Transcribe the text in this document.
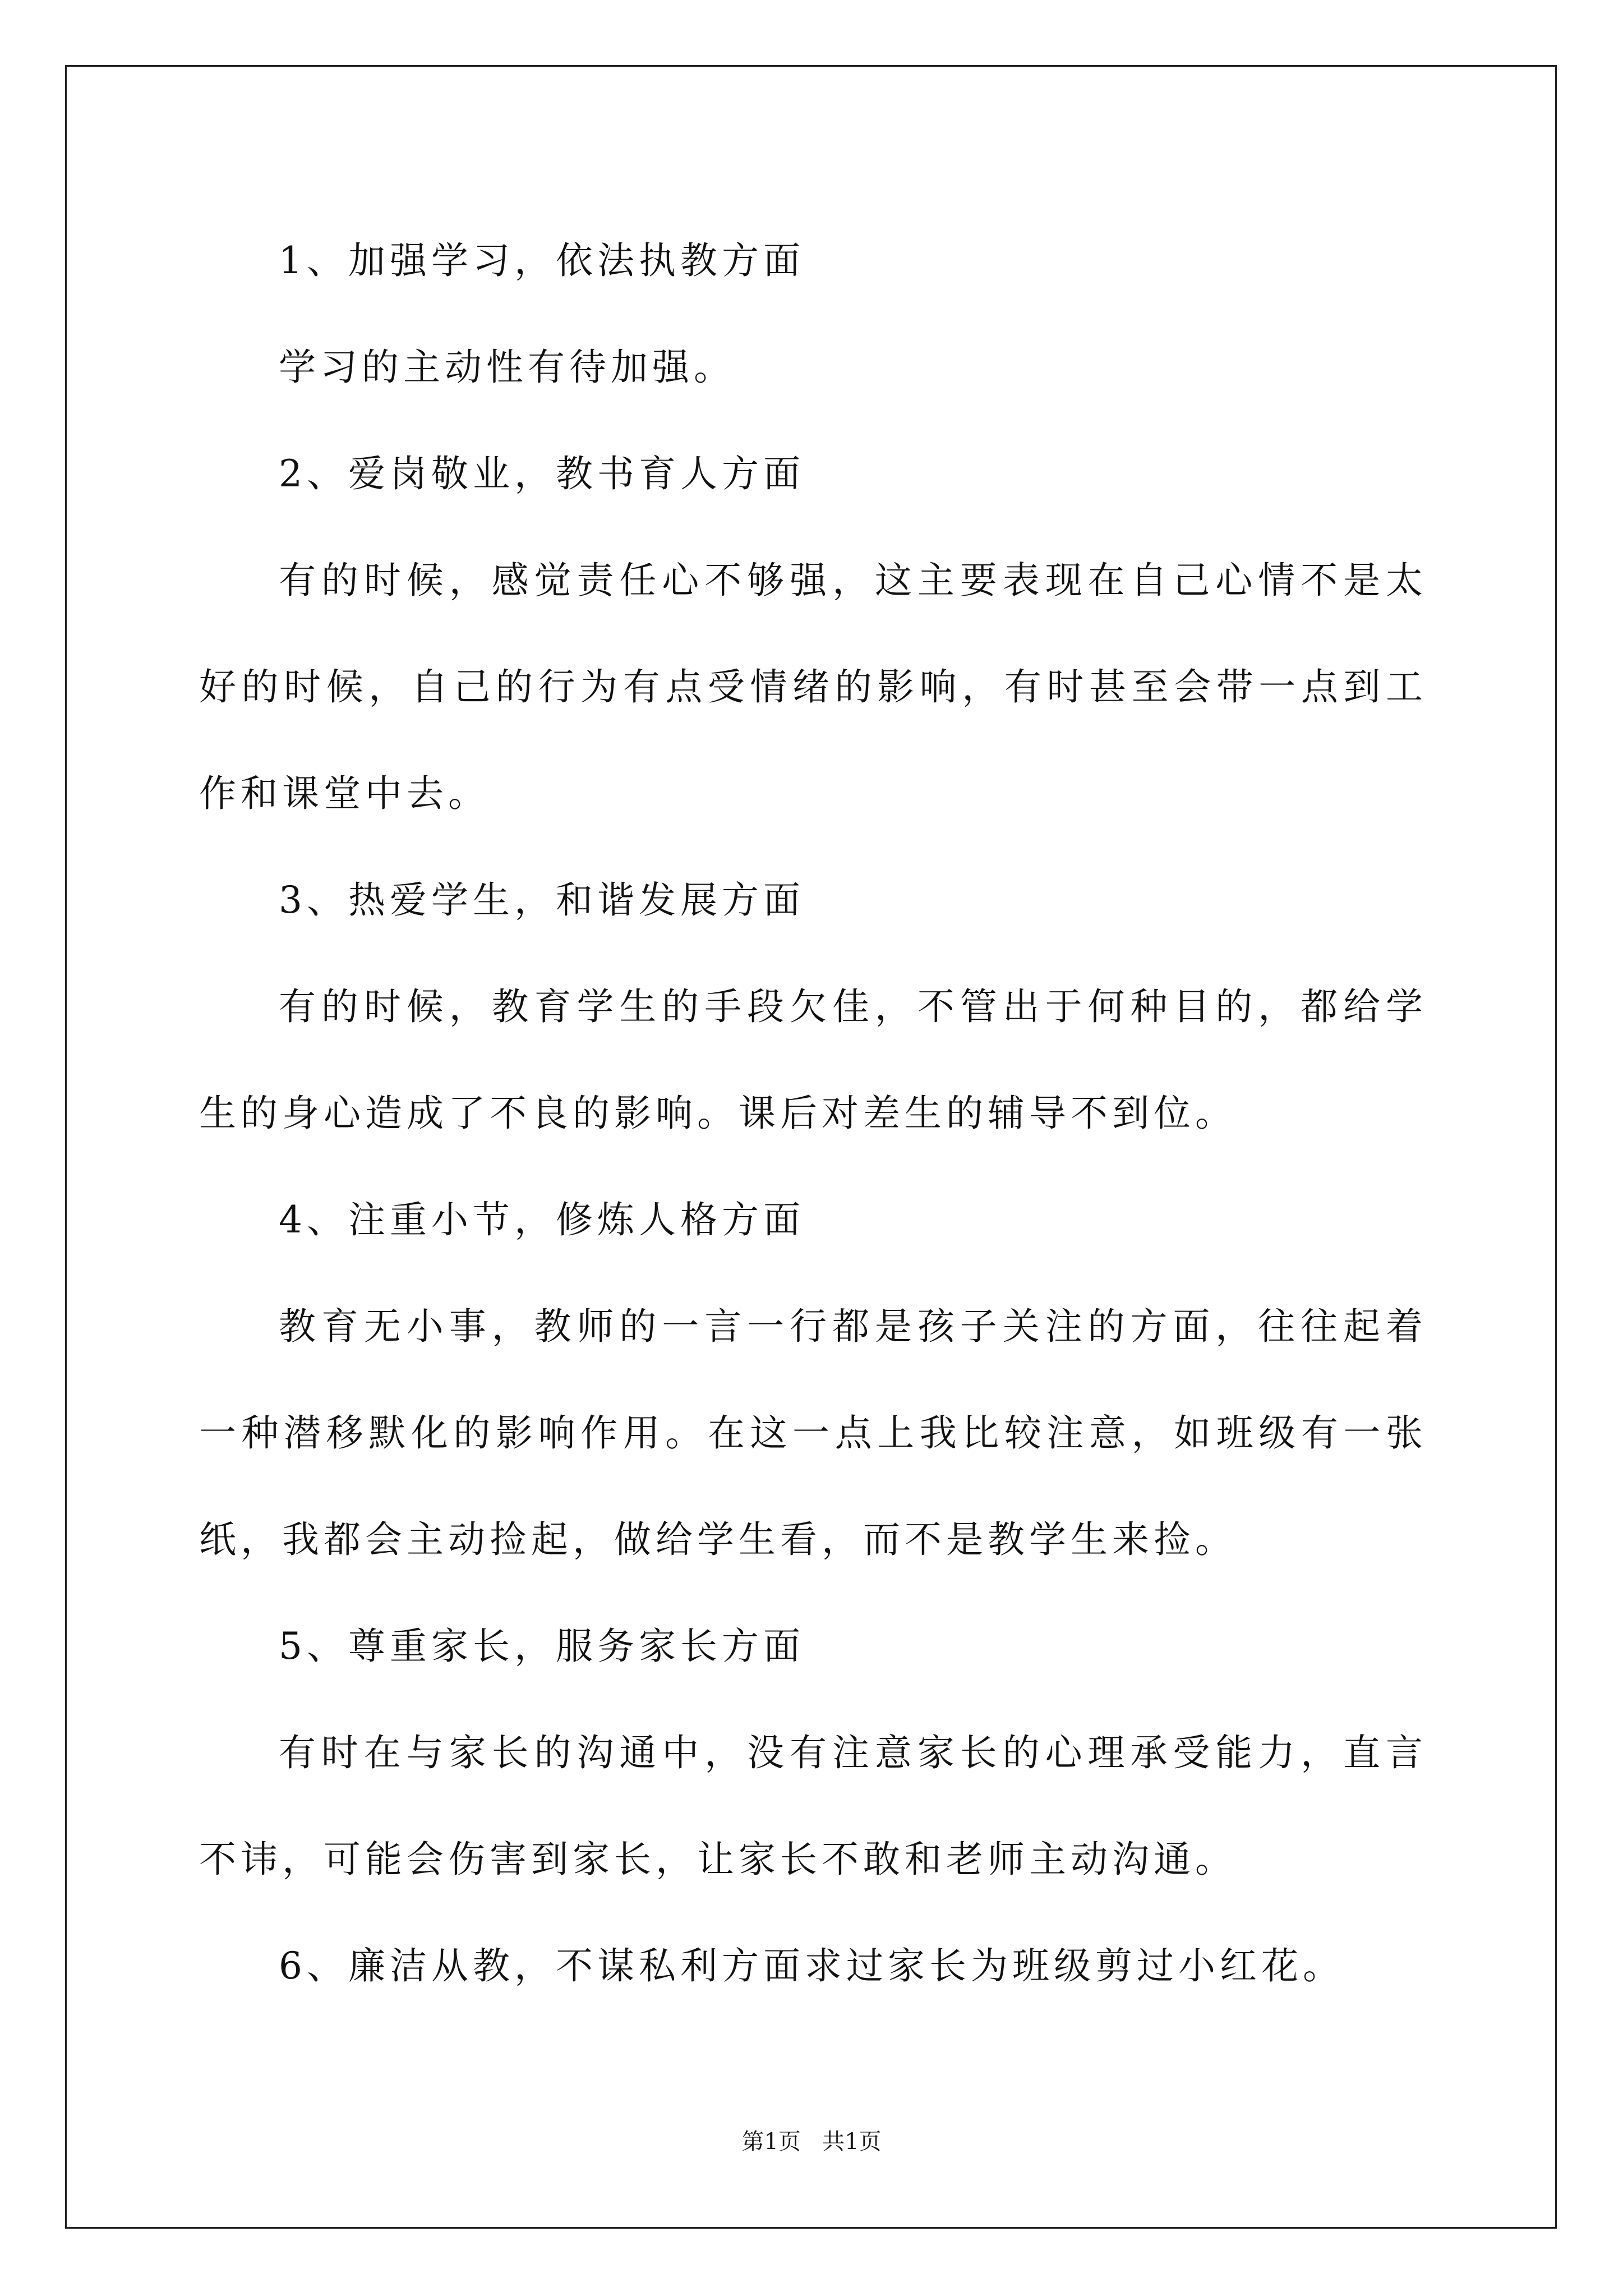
1、加强学习，依法执教方面

学习的主动性有待加强。

2、爱岗敬业，教书育人方面

有的时候，感觉责任心不够强，这主要表现在自己心情不是太好的时候，自己的行为有点受情绪的影响，有时甚至会带一点到工作和课堂中去。

3、热爱学生，和谐发展方面

有的时候，教育学生的手段欠佳，不管出于何种目的，都给学生的身心造成了不良的影响。课后对差生的辅导不到位。

4、注重小节，修炼人格方面

教育无小事，教师的一言一行都是孩子关注的方面，往往起着一种潜移默化的影响作用。在这一点上我比较注意，如班级有一张纸，我都会主动捡起，做给学生看，而不是教学生来捡。

5、尊重家长，服务家长方面

有时在与家长的沟通中，没有注意家长的心理承受能力，直言不讳，可能会伤害到家长，让家长不敢和老师主动沟通。

6、廉洁从教，不谋私利方面求过家长为班级剪过小红花。

第1页 共1页
